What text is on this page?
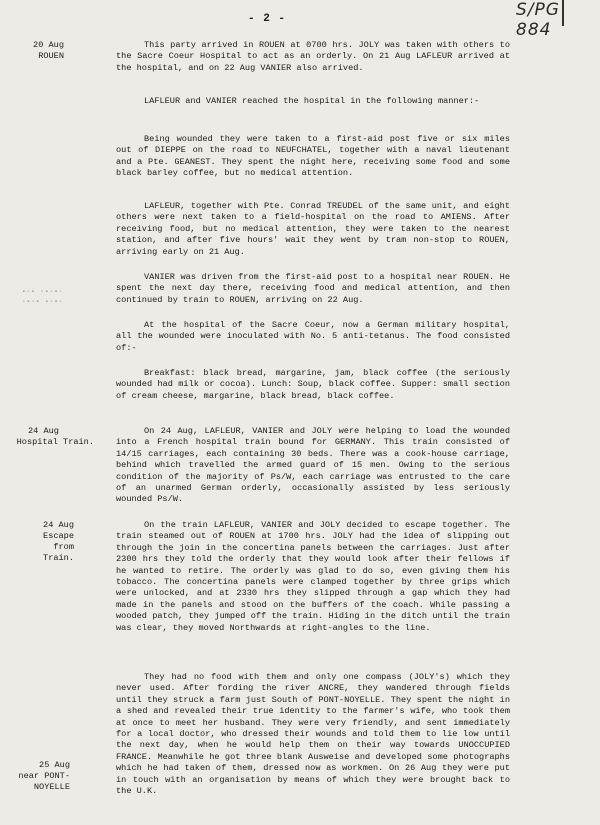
- 2 -	S/PG 884
20 Aug
ROUEN
24 Aug
Hospital Train.
24 Aug
Escape from
Train.
25 Aug
near PONT-
NOYELLE
▪▫▪ ▫▪▫▪▫
▫▪▫▪ ▪▫▪▫

This party arrived in ROUEN at 0700 hrs. JOLY was taken with others to the Sacre Coeur Hospital to act as an orderly. On 21 Aug LAFLEUR arrived at the hospital, and on 22 Aug VANIER also arrived.

LAFLEUR and VANIER reached the hospital in the following manner:-

Being wounded they were taken to a first-aid post five or six miles out of DIEPPE on the road to NEUFCHATEL, together with a naval lieutenant and a Pte. GEANEST. They spent the night here, receiving some food and some black barley coffee, but no medical attention.

LAFLEUR, together with Pte. Conrad TREUDEL of the same unit, and eight others were next taken to a field-hospital on the road to AMIENS. After receiving food, but no medical attention, they were taken to the nearest station, and after five hours' wait they went by tram non-stop to ROUEN, arriving early on 21 Aug.

VANIER was driven from the first-aid post to a hospital near ROUEN. He spent the next day there, receiving food and medical attention, and then continued by train to ROUEN, arriving on 22 Aug.

At the hospital of the Sacre Coeur, now a German military hospital, all the wounded were inoculated with No. 5 anti-tetanus. The food consisted of:-

Breakfast: black bread, margarine, jam, black coffee (the seriously wounded had milk or cocoa). Lunch: Soup, black coffee. Supper: small section of cream cheese, margarine, black bread, black coffee.

On 24 Aug, LAFLEUR, VANIER and JOLY were helping to load the wounded into a French hospital train bound for GERMANY. This train consisted of 14/15 carriages, each containing 30 beds. There was a cook-house carriage, behind which travelled the armed guard of 15 men. Owing to the serious condition of the majority of Ps/W, each carriage was entrusted to the care of an unarmed German orderly, occasionally assisted by less seriously wounded Ps/W.

On the train LAFLEUR, VANIER and JOLY decided to escape together. The train steamed out of ROUEN at 1700 hrs. JOLY had the idea of slipping out through the join in the concertina panels between the carriages. Just after 2300 hrs they told the orderly that they would look after their fellows if he wanted to retire. The orderly was glad to do so, even giving them his tobacco. The concertina panels were clamped together by three grips which were unlocked, and at 2330 hrs they slipped through a gap which they had made in the panels and stood on the buffers of the coach. While passing a wooded patch, they jumped off the train. Hiding in the ditch until the train was clear, they moved Northwards at right-angles to the line.

They had no food with them and only one compass (JOLY's) which they never used. After fording the river ANCRE, they wandered through fields until they struck a farm just South of PONT-NOYELLE. They spent the night in a shed and revealed their true identity to the farmer's wife, who took them at once to meet her husband. They were very friendly, and sent immediately for a local doctor, who dressed their wounds and told them to lie low until the next day, when he would help them on their way towards UNOCCUPIED FRANCE. Meanwhile he got three blank Ausweise and developed some photographs which he had taken of them, dressed now as workmen. On 26 Aug they were put in touch with an organisation by means of which they were brought back to the U.K.
